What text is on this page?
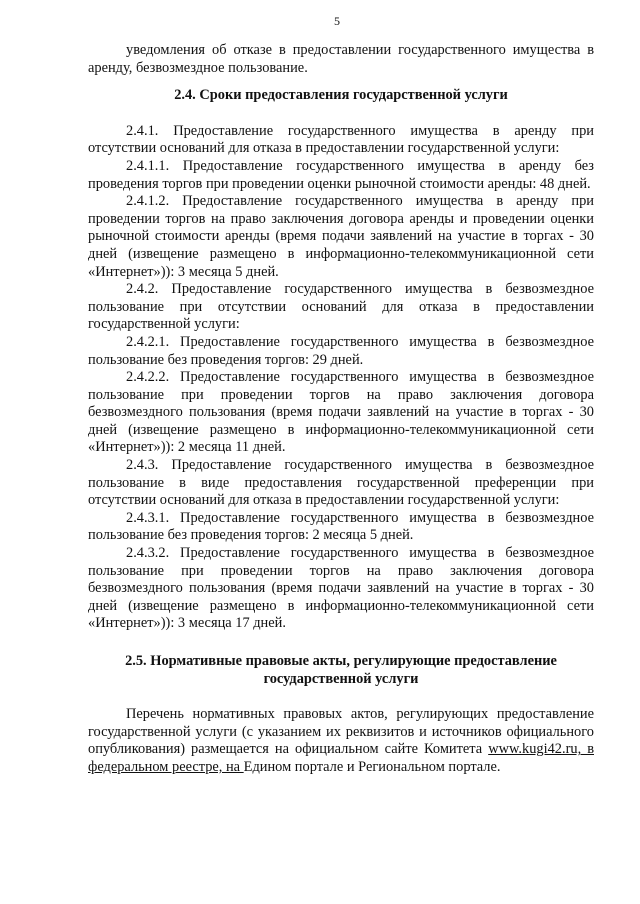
5

уведомления об отказе в предоставлении государственного имущества в аренду, безвозмездное пользование.

2.4. Сроки предоставления государственной услуги

2.4.1. Предоставление государственного имущества в аренду при отсутствии оснований для отказа в предоставлении государственной услуги:

2.4.1.1. Предоставление государственного имущества в аренду без проведения торгов при проведении оценки рыночной стоимости аренды: 48 дней.

2.4.1.2. Предоставление государственного имущества в аренду при проведении торгов на право заключения договора аренды и проведении оценки рыночной стоимости аренды (время подачи заявлений на участие в торгах - 30 дней (извещение размещено в информационно-телекоммуникационной сети «Интернет»)): 3 месяца 5 дней.

2.4.2. Предоставление государственного имущества в безвозмездное пользование при отсутствии оснований для отказа в предоставлении государственной услуги:

2.4.2.1. Предоставление государственного имущества в безвозмездное пользование без проведения торгов: 29 дней.

2.4.2.2. Предоставление государственного имущества в безвозмездное пользование при проведении торгов на право заключения договора безвозмездного пользования (время подачи заявлений на участие в торгах - 30 дней (извещение размещено в информационно-телекоммуникационной сети «Интернет»)): 2 месяца 11 дней.

2.4.3. Предоставление государственного имущества в безвозмездное пользование в виде предоставления государственной преференции при отсутствии оснований для отказа в предоставлении государственной услуги:

2.4.3.1. Предоставление государственного имущества в безвозмездное пользование без проведения торгов: 2 месяца 5 дней.

2.4.3.2. Предоставление государственного имущества в безвозмездное пользование при проведении торгов на право заключения договора безвозмездного пользования (время подачи заявлений на участие в торгах - 30 дней (извещение размещено в информационно-телекоммуникационной сети «Интернет»)): 3 месяца 17 дней.

2.5. Нормативные правовые акты, регулирующие предоставление
государственной услуги

Перечень нормативных правовых актов, регулирующих предоставление государственной услуги (с указанием их реквизитов и источников официального опубликования) размещается на официальном сайте Комитета www.kugi42.ru, в федеральном реестре, на Едином портале и Региональном портале.
